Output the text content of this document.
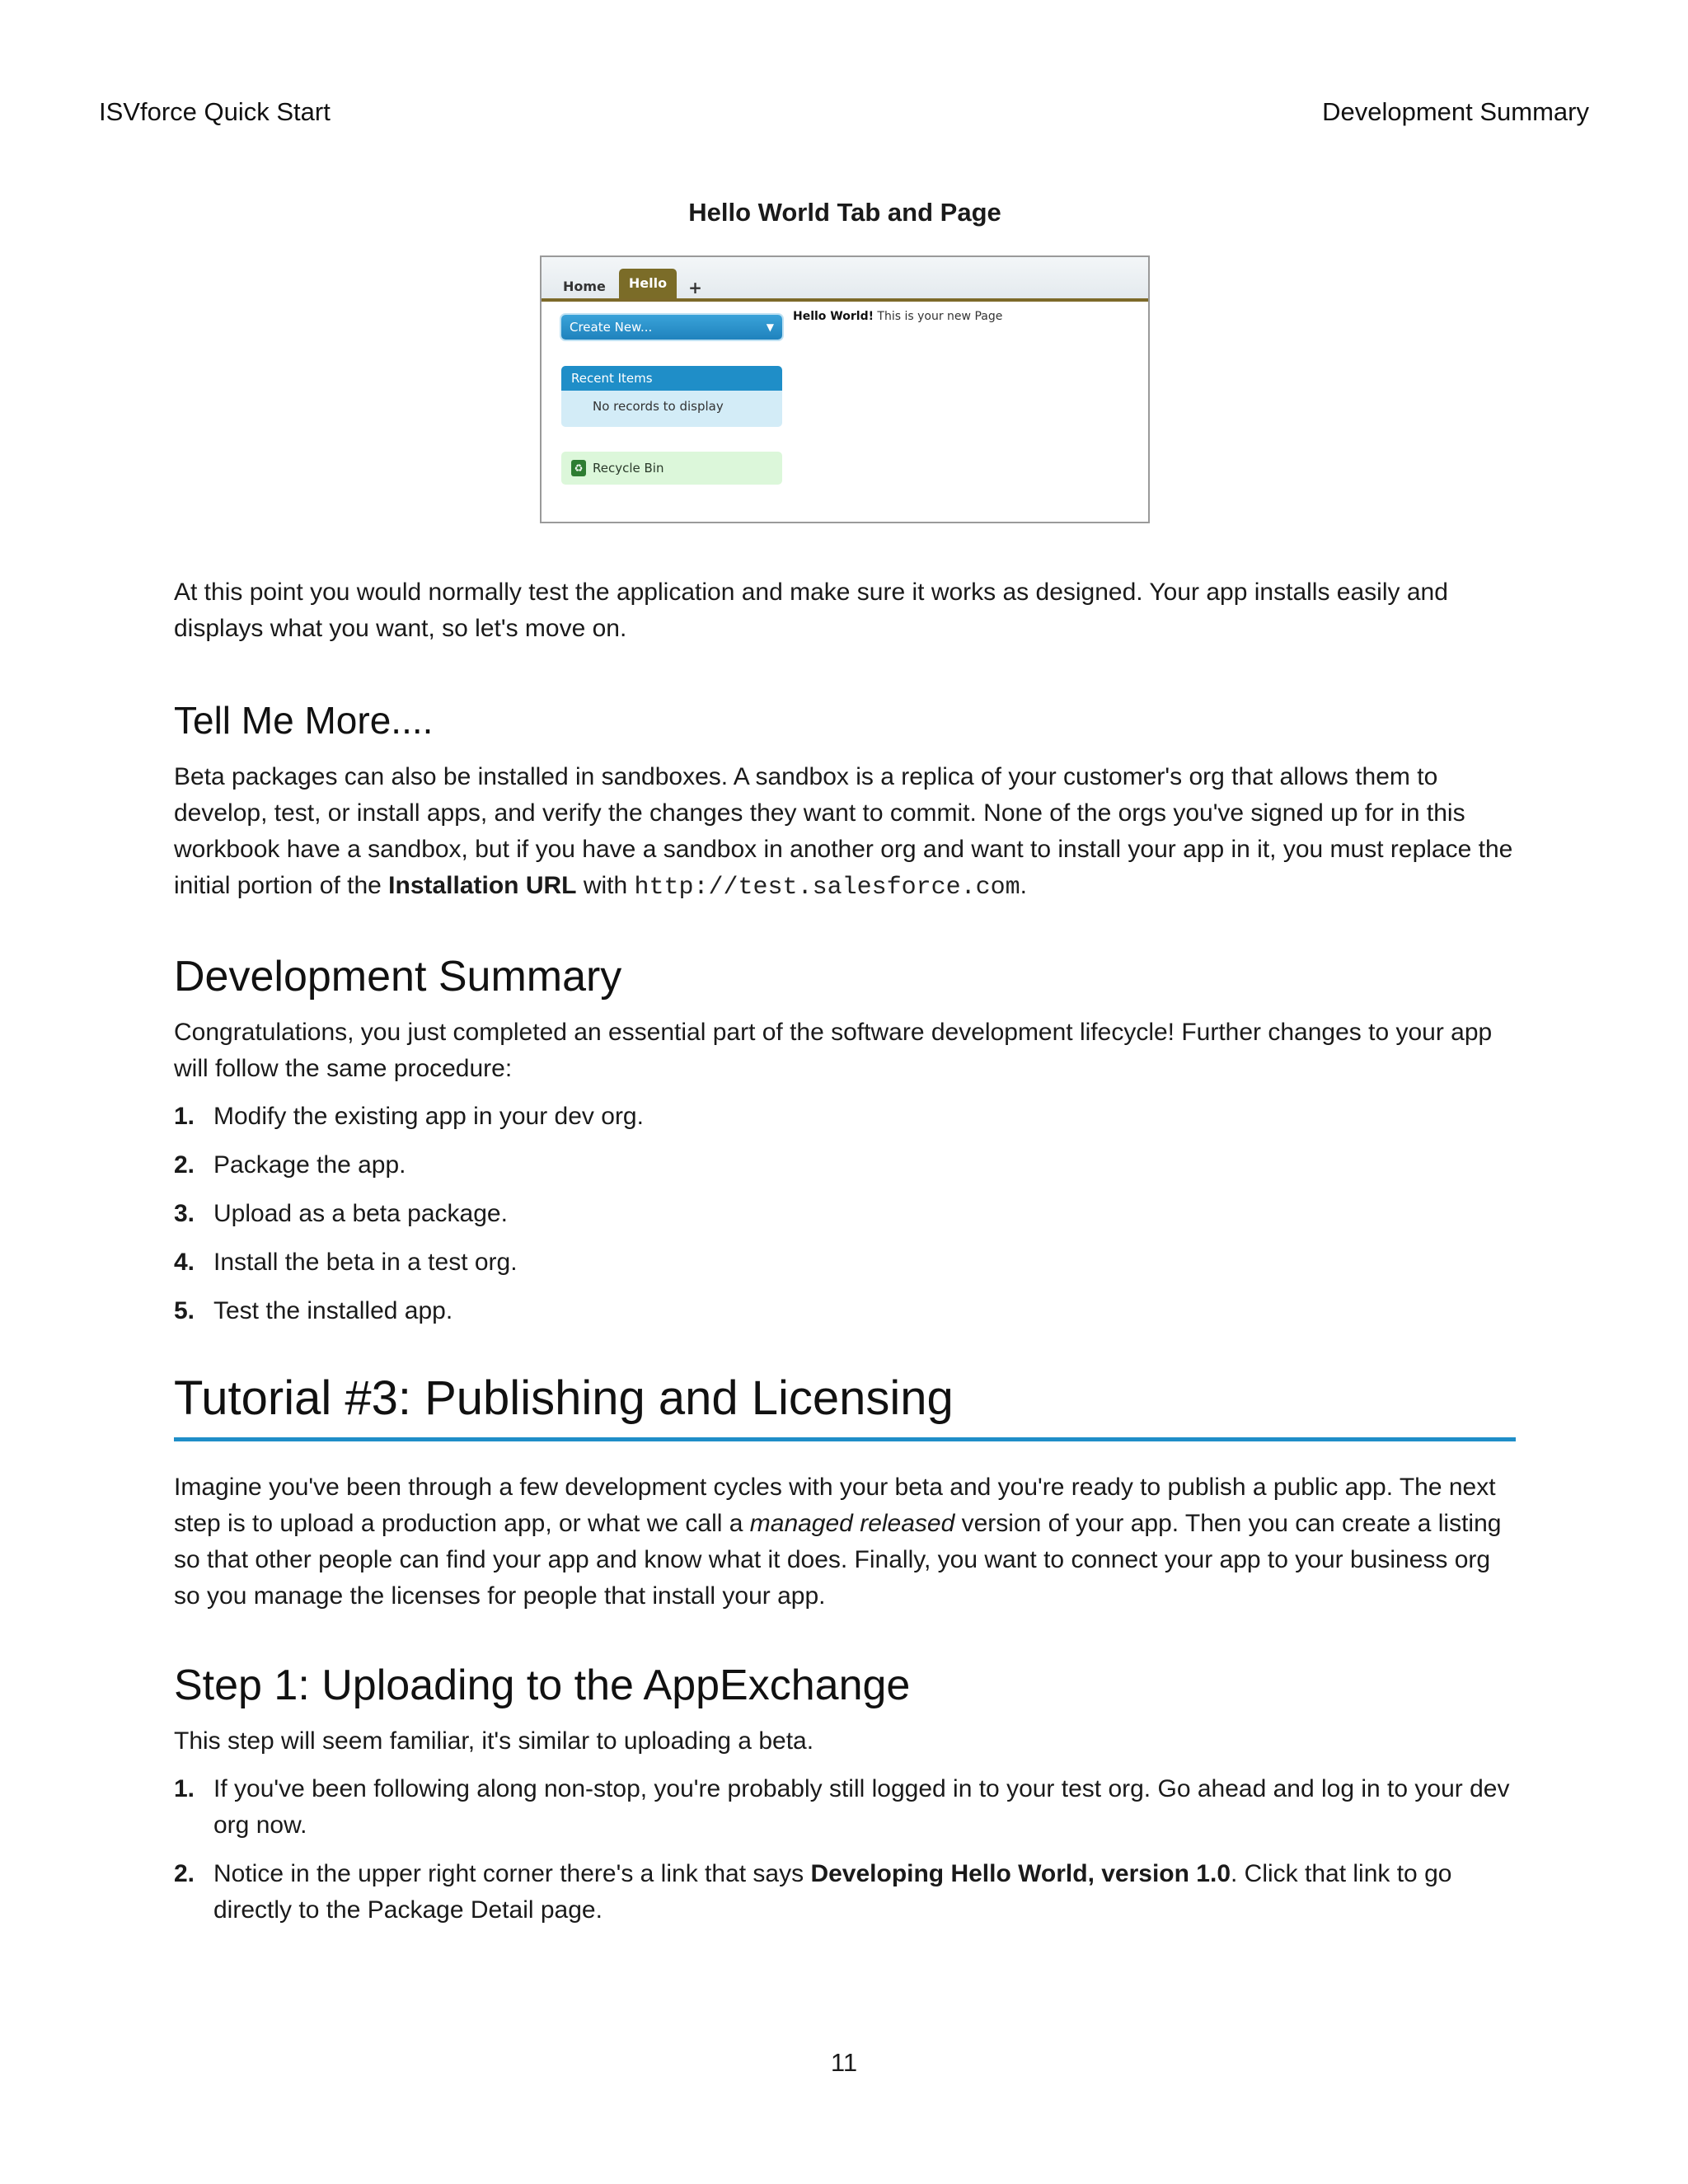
ISVforce Quick Start	Development Summary

Hello World Tab and Page

Home	Hello	+
Create New...	▼
Recent Items
No records to display
♻ Recycle Bin
Hello World! This is your new Page

At this point you would normally test the application and make sure it works as designed. Your app installs easily and displays what you want, so let's move on.

Tell Me More....

Beta packages can also be installed in sandboxes. A sandbox is a replica of your customer's org that allows them to develop, test, or install apps, and verify the changes they want to commit. None of the orgs you've signed up for in this workbook have a sandbox, but if you have a sandbox in another org and want to install your app in it, you must replace the initial portion of the Installation URL with http://test.salesforce.com.

Development Summary

Congratulations, you just completed an essential part of the software development lifecycle! Further changes to your app will follow the same procedure:

1. Modify the existing app in your dev org.
2. Package the app.
3. Upload as a beta package.
4. Install the beta in a test org.
5. Test the installed app.
Tutorial #3: Publishing and Licensing

Imagine you've been through a few development cycles with your beta and you're ready to publish a public app. The next step is to upload a production app, or what we call a managed released version of your app. Then you can create a listing so that other people can find your app and know what it does. Finally, you want to connect your app to your business org so you manage the licenses for people that install your app.

Step 1: Uploading to the AppExchange

This step will seem familiar, it's similar to uploading a beta.

1. If you've been following along non-stop, you're probably still logged in to your test org. Go ahead and log in to your dev org now.
2. Notice in the upper right corner there's a link that says Developing Hello World, version 1.0. Click that link to go directly to the Package Detail page.
11
